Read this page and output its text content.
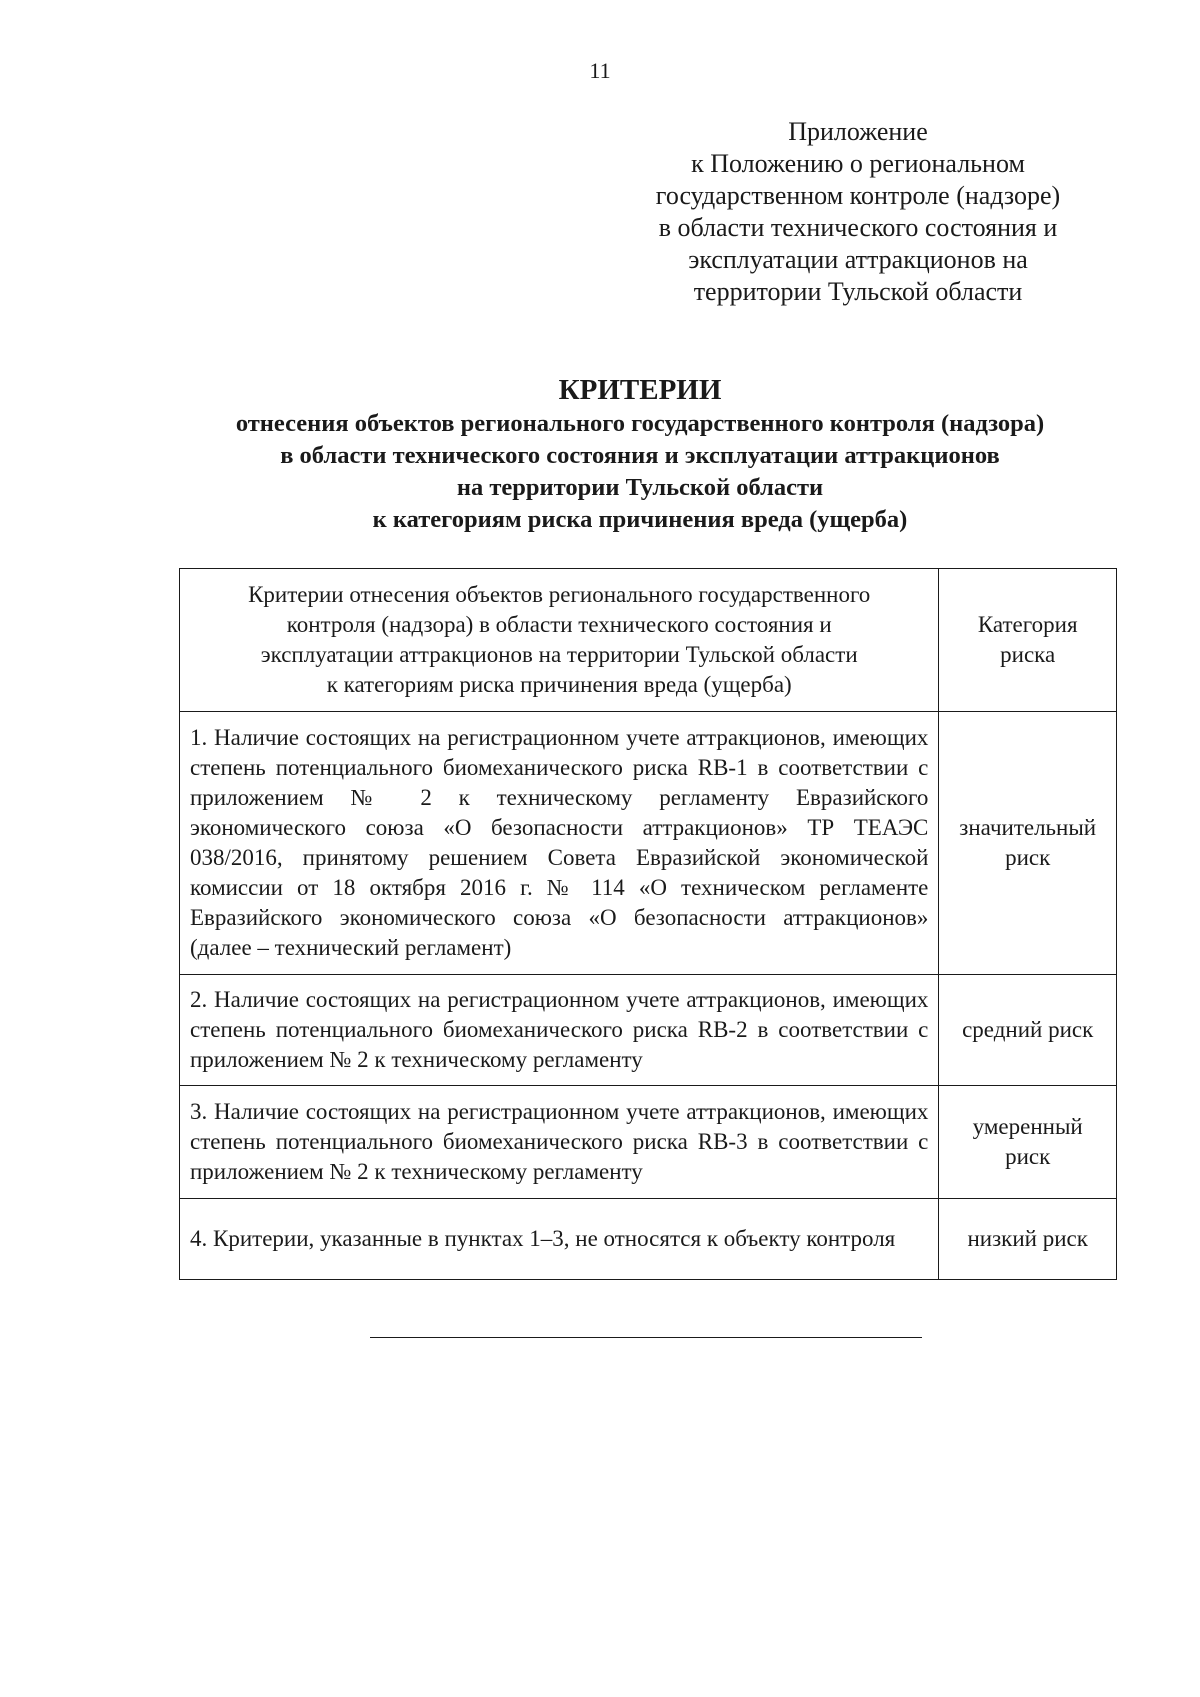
11
Приложение
к Положению о региональном
государственном контроле (надзоре)
в области технического состояния и
эксплуатации аттракционов на
территории Тульской области
КРИТЕРИИ
отнесения объектов регионального государственного контроля (надзора)
в области технического состояния и эксплуатации аттракционов
на территории Тульской области
к категориям риска причинения вреда (ущерба)
Критерии отнесения объектов регионального государственного
контроля (надзора) в области технического состояния и
эксплуатации аттракционов на территории Тульской области
к категориям риска причинения вреда (ущерба)	Категория риска

1. Наличие состоящих на регистрационном учете аттракционов, имеющих степень потенциального биомеханического риска RB-1 в соответствии с приложением № 2 к техническому регламенту Евразийского экономического союза «О безопасности аттракционов» ТР ТЕАЭС 038/2016, принятому решением Совета Евразийской экономической комиссии от 18 октября 2016 г. № 114 «О техническом регламенте Евразийского экономического союза «О безопасности аттракционов» (далее – технический регламент)	значительный риск

2. Наличие состоящих на регистрационном учете аттракционов, имеющих степень потенциального биомеханического риска RB-2 в соответствии с приложением № 2 к техническому регламенту	средний риск

3. Наличие состоящих на регистрационном учете аттракционов, имеющих степень потенциального биомеханического риска RB-3 в соответствии с приложением № 2 к техническому регламенту	умеренный риск

4. Критерии, указанные в пунктах 1–3, не относятся к объекту контроля	низкий риск
